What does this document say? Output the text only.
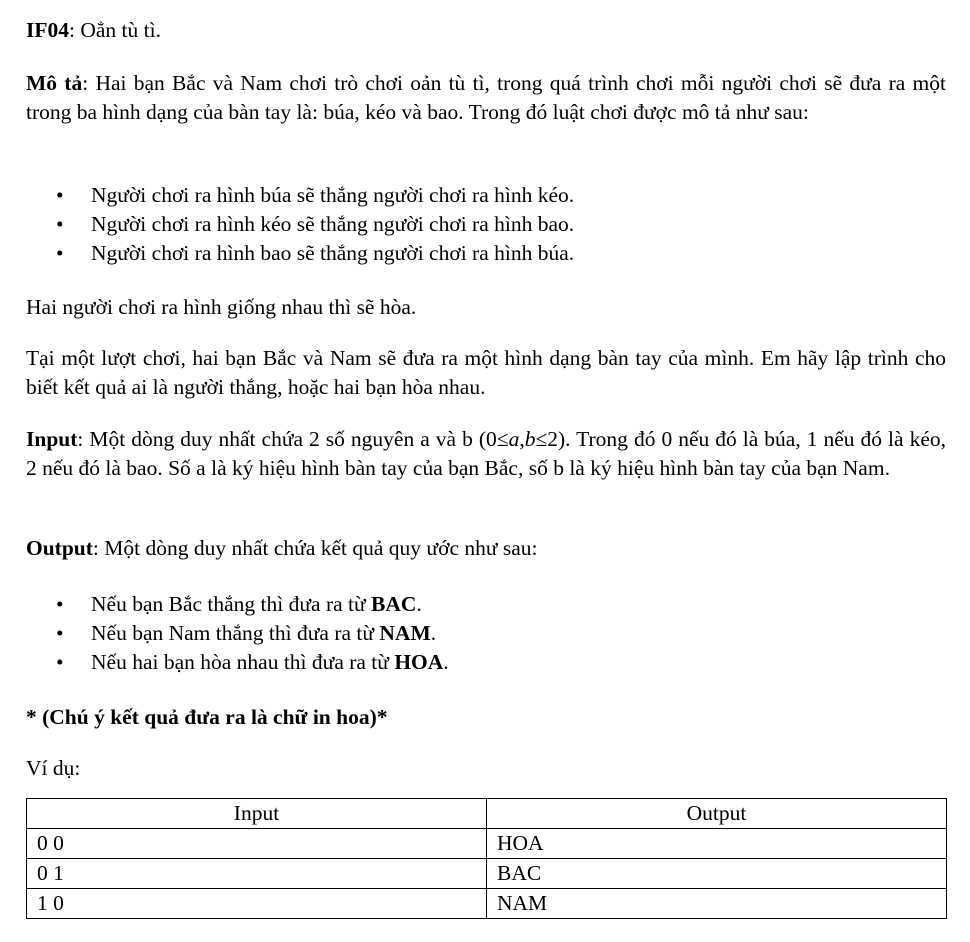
IF04: Oẳn tù tì.

Mô tả: Hai bạn Bắc và Nam chơi trò chơi oản tù tì, trong quá trình chơi mỗi người chơi sẽ đưa ra một trong ba hình dạng của bàn tay là: búa, kéo và bao. Trong đó luật chơi được mô tả như sau:

• Người chơi ra hình búa sẽ thắng người chơi ra hình kéo.
• Người chơi ra hình kéo sẽ thắng người chơi ra hình bao.
• Người chơi ra hình bao sẽ thắng người chơi ra hình búa.

Hai người chơi ra hình giống nhau thì sẽ hòa.

Tại một lượt chơi, hai bạn Bắc và Nam sẽ đưa ra một hình dạng bàn tay của mình. Em hãy lập trình cho biết kết quả ai là người thắng, hoặc hai bạn hòa nhau.

Input: Một dòng duy nhất chứa 2 số nguyên a và b (0≤a,b≤2). Trong đó 0 nếu đó là búa, 1 nếu đó là kéo, 2 nếu đó là bao. Số a là ký hiệu hình bàn tay của bạn Bắc, số b là ký hiệu hình bàn tay của bạn Nam.

Output: Một dòng duy nhất chứa kết quả quy ước như sau:

• Nếu bạn Bắc thắng thì đưa ra từ BAC.
• Nếu bạn Nam thắng thì đưa ra từ NAM.
• Nếu hai bạn hòa nhau thì đưa ra từ HOA.

* (Chú ý kết quả đưa ra là chữ in hoa)*

Ví dụ:

Input	Output
0 0	HOA
0 1	BAC
1 0	NAM
